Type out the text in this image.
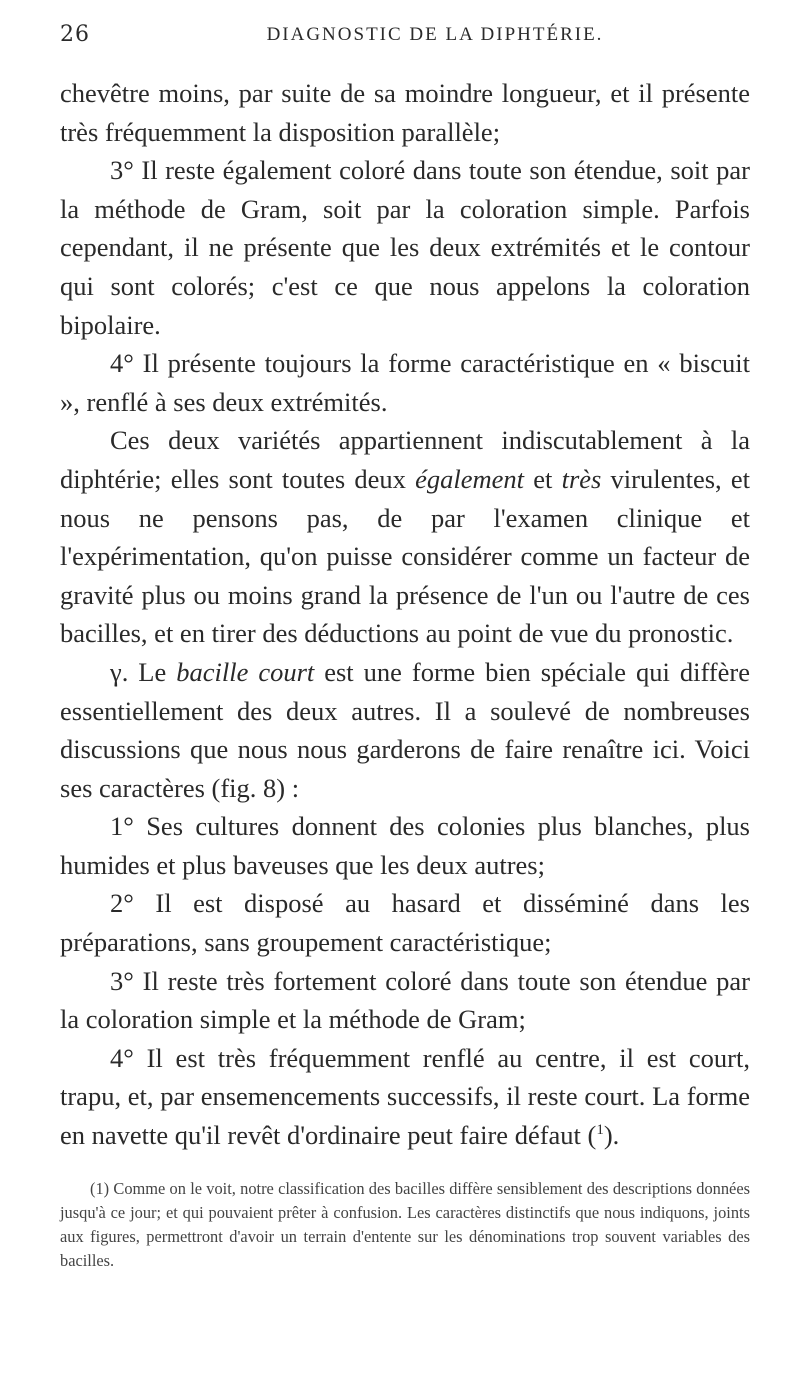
26	DIAGNOSTIC DE LA DIPHTÉRIE.

chevêtre moins, par suite de sa moindre longueur, et il présente très fréquemment la disposition parallèle;

3° Il reste également coloré dans toute son étendue, soit par la méthode de Gram, soit par la coloration simple. Parfois cependant, il ne présente que les deux extrémités et le contour qui sont colorés; c'est ce que nous appelons la coloration bipolaire.

4° Il présente toujours la forme caractéristique en « biscuit », renflé à ses deux extrémités.

Ces deux variétés appartiennent indiscutablement à la diphtérie; elles sont toutes deux également et très virulentes, et nous ne pensons pas, de par l'examen clinique et l'expérimentation, qu'on puisse considérer comme un facteur de gravité plus ou moins grand la présence de l'un ou l'autre de ces bacilles, et en tirer des déductions au point de vue du pronostic.

γ. Le bacille court est une forme bien spéciale qui diffère essentiellement des deux autres. Il a soulevé de nombreuses discussions que nous nous garderons de faire renaître ici. Voici ses caractères (fig. 8) :

1° Ses cultures donnent des colonies plus blanches, plus humides et plus baveuses que les deux autres;

2° Il est disposé au hasard et disséminé dans les préparations, sans groupement caractéristique;

3° Il reste très fortement coloré dans toute son étendue par la coloration simple et la méthode de Gram;

4° Il est très fréquemment renflé au centre, il est court, trapu, et, par ensemencements successifs, il reste court. La forme en navette qu'il revêt d'ordinaire peut faire défaut ($^1$).

(1) Comme on le voit, notre classification des bacilles diffère sensiblement des descriptions données jusqu'à ce jour; et qui pouvaient prêter à confusion. Les caractères distinctifs que nous indiquons, joints aux figures, permettront d'avoir un terrain d'entente sur les dénominations trop souvent variables des bacilles.
